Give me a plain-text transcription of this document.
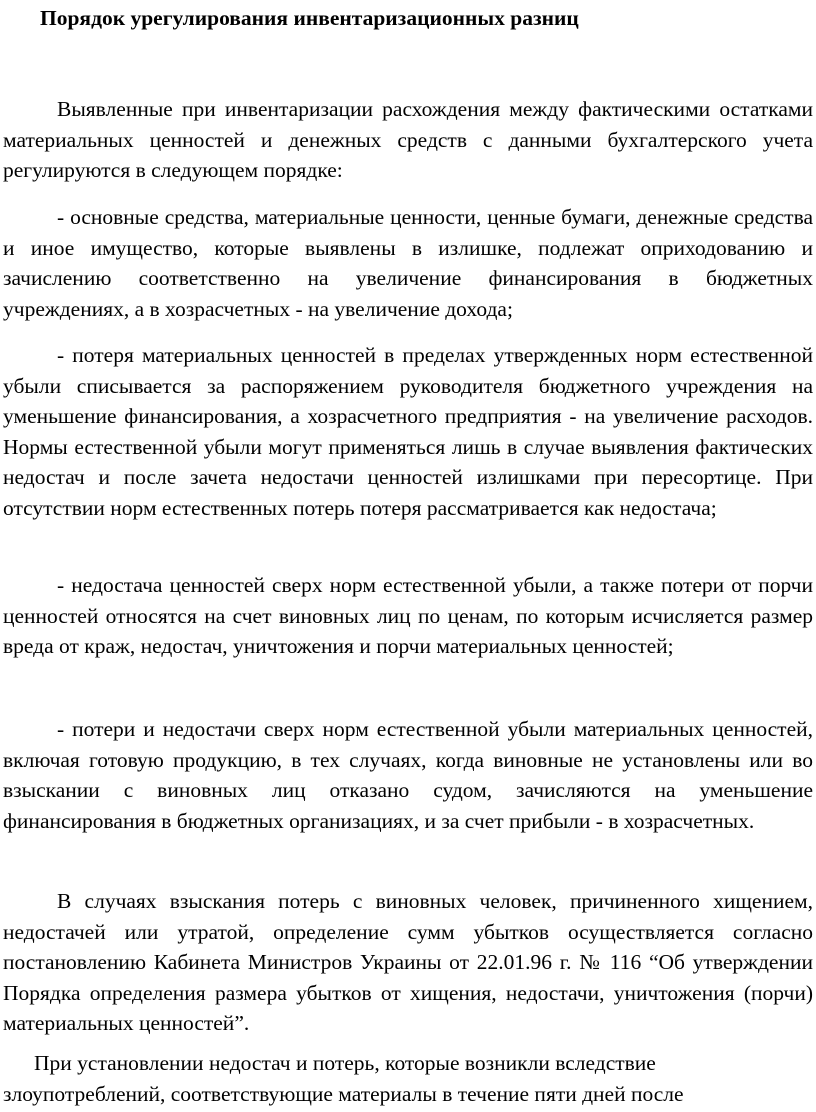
Порядок урегулирования инвентаризационных разниц

Выявленные при инвентаризации расхождения между фактическими остатками материальных ценностей и денежных средств с данными бухгалтерского учета регулируются в следующем порядке:

- основные средства, материальные ценности, ценные бумаги, денежные средства и иное имущество, которые выявлены в излишке, подлежат оприходованию и зачислению соответственно на увеличение финансирования в бюджетных учреждениях, а в хозрасчетных - на увеличение дохода;

- потеря материальных ценностей в пределах утвержденных норм естественной убыли списывается за распоряжением руководителя бюджетного учреждения на уменьшение финансирования, а хозрасчетного предприятия - на увеличение расходов. Нормы естественной убыли могут применяться лишь в случае выявления фактических недостач и после зачета недостачи ценностей излишками при пересортице. При отсутствии норм естественных потерь потеря рассматривается как недостача;

- недостача ценностей сверх норм естественной убыли, а также потери от порчи ценностей относятся на счет виновных лиц по ценам, по которым исчисляется размер вреда от краж, недостач, уничтожения и порчи материальных ценностей;

- потери и недостачи сверх норм естественной убыли материальных ценностей, включая готовую продукцию, в тех случаях, когда виновные не установлены или во взыскании с виновных лиц отказано судом, зачисляются на уменьшение финансирования в бюджетных организациях, и за счет прибыли - в хозрасчетных.

В случаях взыскания потерь с виновных человек, причиненного хищением, недостачей или утратой, определение сумм убытков осуществляется согласно постановлению Кабинета Министров Украины от 22.01.96 г. № 116 “Об утверждении Порядка определения размера убытков от хищения, недостачи, уничтожения (порчи) материальных ценностей”.

При установлении недостач и потерь, которые возникли вследствие злоупотреблений, соответствующие материалы в течение пяти дней после
